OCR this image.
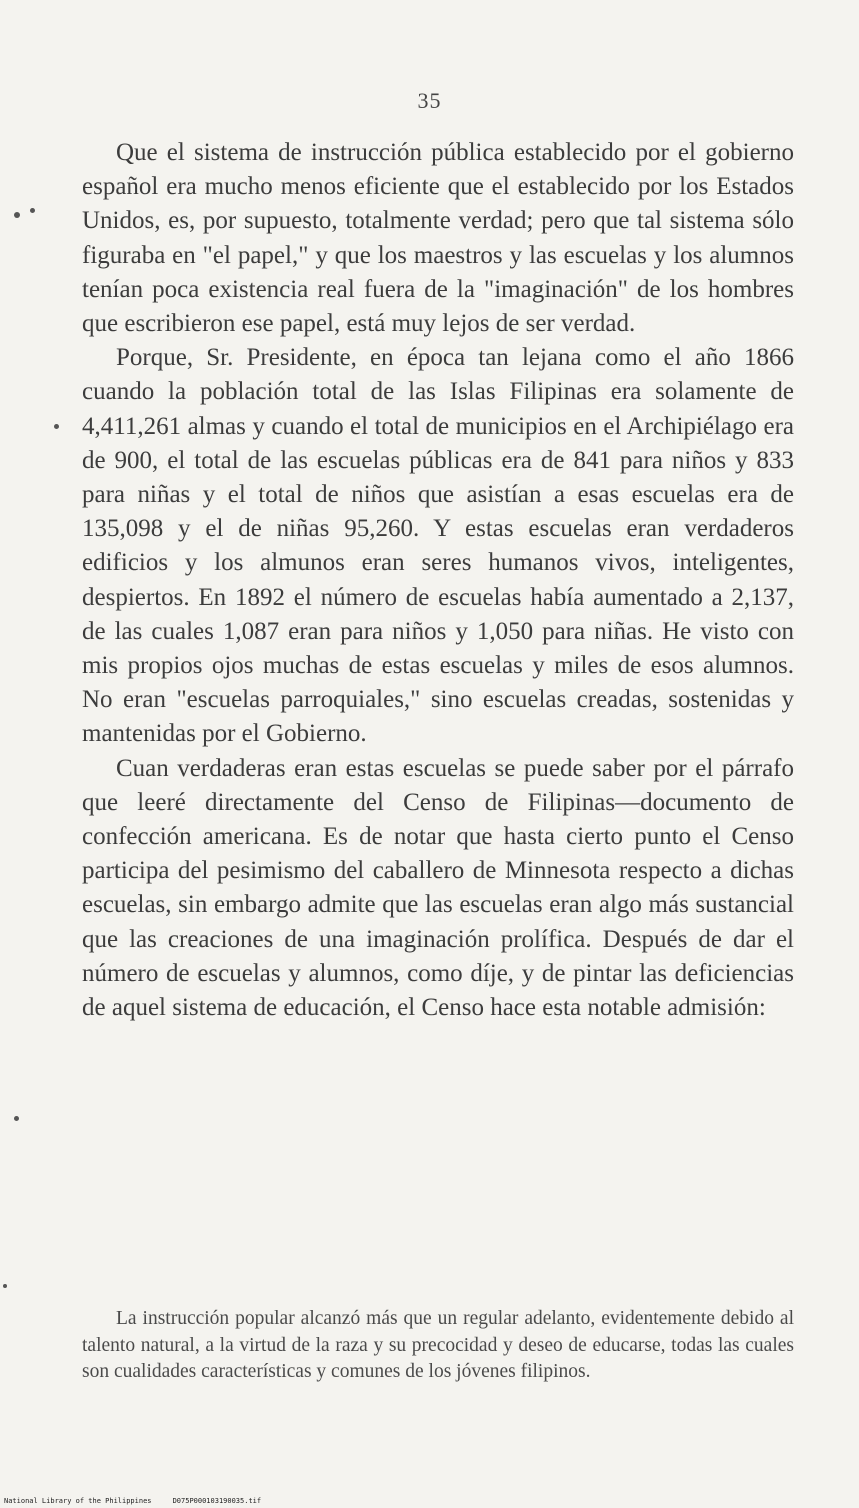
35

Que el sistema de instrucción pública establecido por el gobierno español era mucho menos eficiente que el establecido por los Estados Unidos, es, por supuesto, totalmente verdad; pero que tal sistema sólo figuraba en "el papel," y que los maestros y las escuelas y los alumnos tenían poca existencia real fuera de la "imaginación" de los hombres que escribieron ese papel, está muy lejos de ser verdad.

Porque, Sr. Presidente, en época tan lejana como el año 1866 cuando la población total de las Islas Filipinas era solamente de 4,411,261 almas y cuando el total de municipios en el Archipiélago era de 900, el total de las escuelas públicas era de 841 para niños y 833 para niñas y el total de niños que asistían a esas escuelas era de 135,098 y el de niñas 95,260. Y estas escuelas eran verdaderos edificios y los almunos eran seres humanos vivos, inteligentes, despiertos. En 1892 el número de escuelas había aumentado a 2,137, de las cuales 1,087 eran para niños y 1,050 para niñas. He visto con mis propios ojos muchas de estas escuelas y miles de esos alumnos. No eran "escuelas parroquiales," sino escuelas creadas, sostenidas y mantenidas por el Gobierno.

Cuan verdaderas eran estas escuelas se puede saber por el párrafo que leeré directamente del Censo de Filipinas—documento de confección americana. Es de notar que hasta cierto punto el Censo participa del pesimismo del caballero de Minnesota respecto a dichas escuelas, sin embargo admite que las escuelas eran algo más sustancial que las creaciones de una imaginación prolífica. Después de dar el número de escuelas y alumnos, como díje, y de pintar las deficiencias de aquel sistema de educación, el Censo hace esta notable admisión:

La instrucción popular alcanzó más que un regular adelanto, evidentemente debido al talento natural, a la virtud de la raza y su precocidad y deseo de educarse, todas las cuales son cualidades características y comunes de los jóvenes filipinos.

National Library of the Philippines	D075P000103190035.tif
